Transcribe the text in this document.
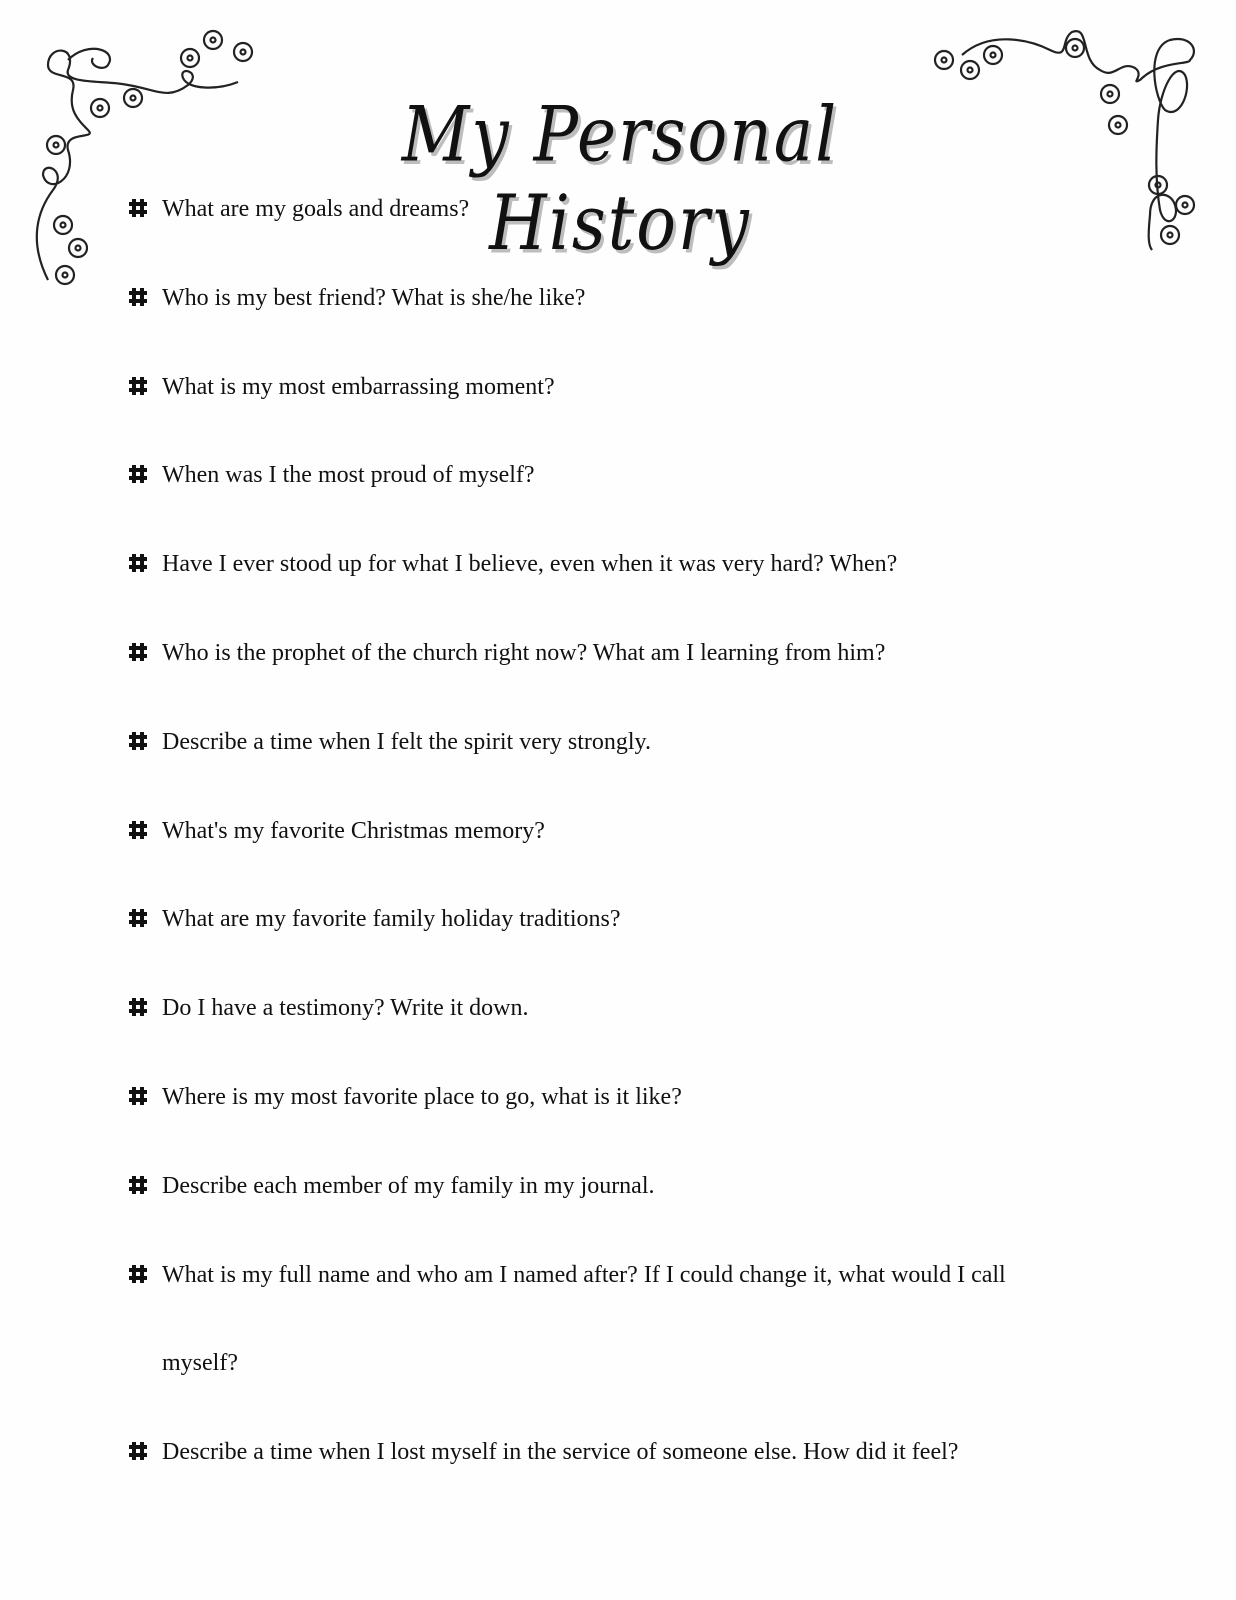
My Personal History
What are my goals and dreams?
Who is my best friend? What is she/he like?
What is my most embarrassing moment?
When was I the most proud of myself?
Have I ever stood up for what I believe, even when it was very hard? When?
Who is the prophet of the church right now? What am I learning from him?
Describe a time when I felt the spirit very strongly.
What's my favorite Christmas memory?
What are my favorite family holiday traditions?
Do I have a testimony? Write it down.
Where is my most favorite place to go, what is it like?
Describe each member of my family in my journal.
What is my full name and who am I named after? If I could change it, what would I call
myself?
Describe a time when I lost myself in the service of someone else. How did it feel?
